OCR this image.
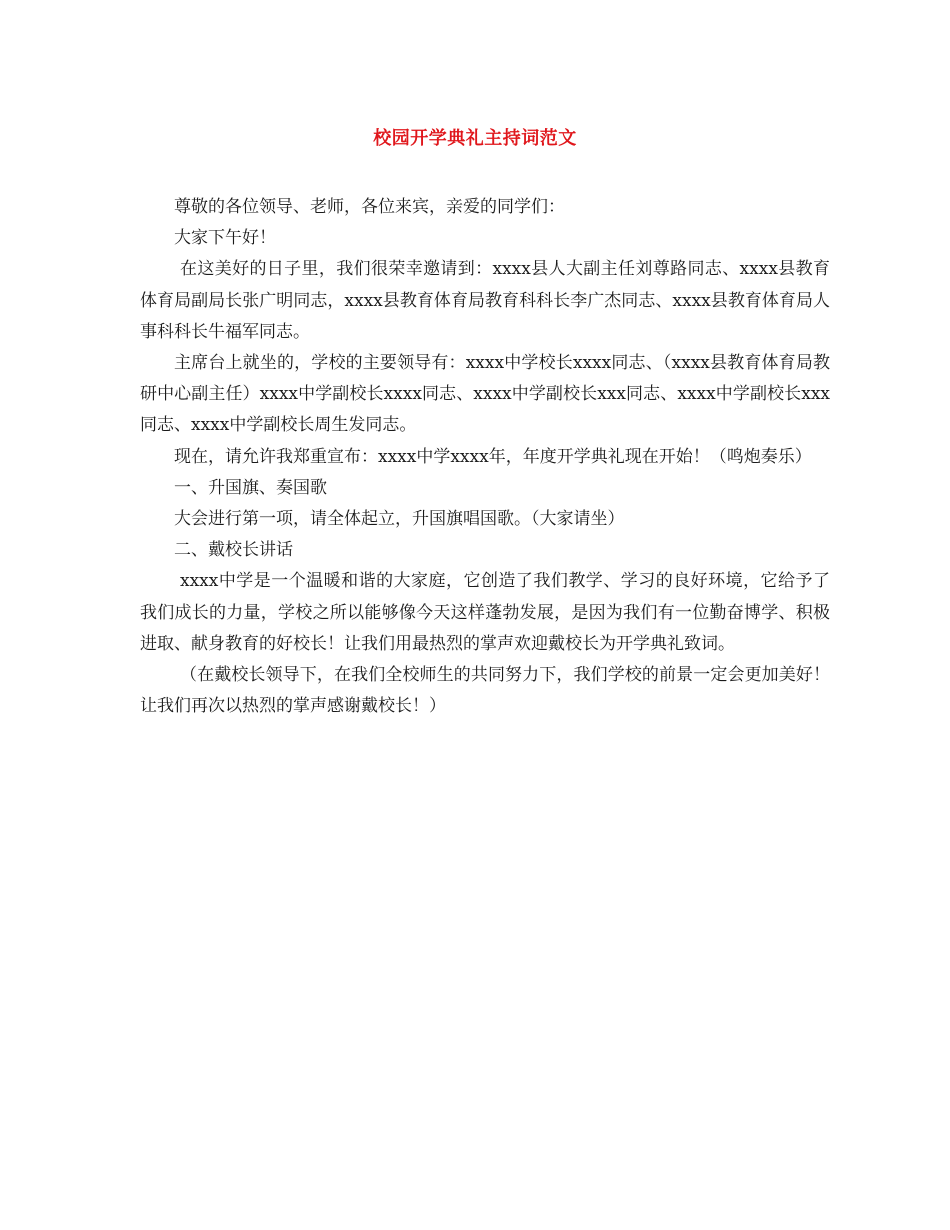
校园开学典礼主持词范文

尊敬的各位领导、老师，各位来宾，亲爱的同学们：

大家下午好！

在这美好的日子里，我们很荣幸邀请到：xxxx县人大副主任刘尊路同志、xxxx县教育体育局副局长张广明同志，xxxx县教育体育局教育科科长李广杰同志、xxxx县教育体育局人事科科长牛福军同志。

主席台上就坐的，学校的主要领导有：xxxx中学校长xxxx同志、（xxxx县教育体育局教研中心副主任）xxxx中学副校长xxxx同志、xxxx中学副校长xxx同志、xxxx中学副校长xxx同志、xxxx中学副校长周生发同志。

现在，请允许我郑重宣布：xxxx中学xxxx年，年度开学典礼现在开始！（鸣炮奏乐）

一、升国旗、奏国歌

大会进行第一项，请全体起立，升国旗唱国歌。（大家请坐）

二、戴校长讲话

xxxx中学是一个温暖和谐的大家庭，它创造了我们教学、学习的良好环境，它给予了我们成长的力量，学校之所以能够像今天这样蓬勃发展，是因为我们有一位勤奋博学、积极进取、献身教育的好校长！让我们用最热烈的掌声欢迎戴校长为开学典礼致词。

（在戴校长领导下，在我们全校师生的共同努力下，我们学校的前景一定会更加美好！让我们再次以热烈的掌声感谢戴校长！）
